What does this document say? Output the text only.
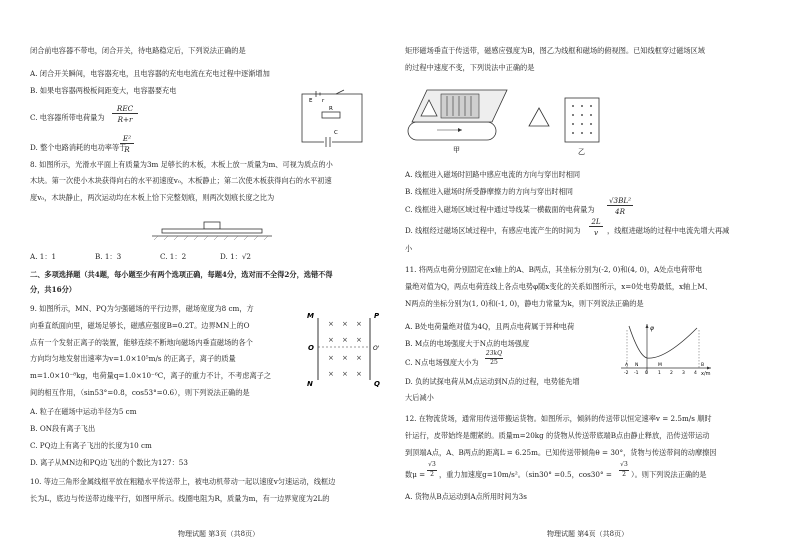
闭合前电容器不带电，闭合开关，待电路稳定后，下列说法正确的是
A. 闭合开关瞬间，电容器充电，且电容器的充电电流在充电过程中逐渐增加
B. 如果电容器两极板间距变大，电容器要充电
C. 电容器所带电荷量为
REC
R+r
D. 整个电路消耗的电功率等于
E²
R
E r
R
C
8. 如图所示，光滑水平面上有质量为3m 足够长的木板，木板上放一质量为m、可视为质点的小
木块。第一次使小木块获得向右的水平初速度v₀，木板静止；第二次使木板获得向右的水平初速
度v₀，木块静止，两次运动均在木板上恰下完整划痕，则两次划痕长度之比为
A. 1：1	B. 1：3	C. 1：2	D. 1：√2
二、多项选择题（共4题，每小题至少有两个选项正确，每题4分，选对而不全得2分，选错不得
分，共16分）
9. 如图所示，MN、PQ为匀强磁场的平行边界，磁场宽度为8 cm，方
向垂直纸面向里，磁场足够长，磁感应强度B=0.2T。边界MN上的O
点有一个发射正离子的装置，能够连续不断地向磁场内垂直磁场的各个
方向均匀地发射出速率为v=1.0×10⁵m/s 的正离子，离子的质量
m=1.0×10⁻⁸kg，电荷量q=1.0×10⁻⁶C，离子的重力不计，不考虑离子之
间的相互作用，（sin53°=0.8，cos53°=0.6），则下列说法正确的是
× × ×
× × ×
× × ×
× × ×
M
N
P
Q
O	O'
A. 粒子在磁场中运动半径为5 cm
B. ON段有离子飞出
C. PQ边上有离子飞出的长度为10 cm
D. 离子从MN边和PQ边飞出的个数比为127：53
10. 等边三角形金属线框平放在粗糙水平传送带上，被电动机带动一起以速度v匀速运动，线框边
长为L，底边与传送带边缘平行，如图甲所示。线圈电阻为R，质量为m，有一边界宽度为2L的
物理试题 第3页（共8页）
矩形磁场垂直于传送带，磁感应强度为B，图乙为线框和磁场的俯视图。已知线框穿过磁场区域
的过程中速度不变，下列说法中正确的是
甲	乙
A. 线框进入磁场时回路中感应电流的方向与穿出时相同
B. 线框进入磁场时所受静摩擦力的方向与穿出时相同
C. 线框进入磁场区域过程中通过导线某一横截面的电荷量为
√3BL²
4R
D. 线框经过磁场区域过程中，有感应电流产生的时间为
2L
v	，线框进磁场的过程中电流先增大再减
小
11. 将两点电荷分别固定在x轴上的A、B两点，其坐标分别为(-2, 0)和(4, 0)，A处点电荷带电
量绝对值为Q，两点电荷连线上各点电势φ随x变化的关系如图所示，x=0处电势最低，x轴上M、
N两点的坐标分别为(1, 0)和(-1, 0)，静电力常量为k，则下列说法正确的是
A. B处电荷量绝对值为4Q，且两点电荷属于异种电荷
B. M点的电场强度大于N点的电场强度
C. N点电场强度大小为
23kQ
25
D. 负的试探电荷从M点运动到N点的过程，电势能先增
大后减小
φ
x/m
-2 -1 0 1 2 3 4
A N	M	B
12. 在物流货场，通常用传送带搬运货物。如图所示，倾斜的传送带以恒定速率v = 2.5m/s 顺时
针运行，皮带始终是绷紧的。质量m=20kg 的货物从传送带底端B点由静止释放，沿传送带运动
到顶端A点，A、B两点的距离L = 6.25m。已知传送带倾角θ = 30°，货物与传送带间的动摩擦因
数μ =
√3
2 ，重力加速度g=10m/s²。（sin30° =0.5，cos30° =
√3
2 ）。则下列说法正确的是
A. 货物从B点运动到A点所用时间为3s
物理试题 第4页（共8页）
